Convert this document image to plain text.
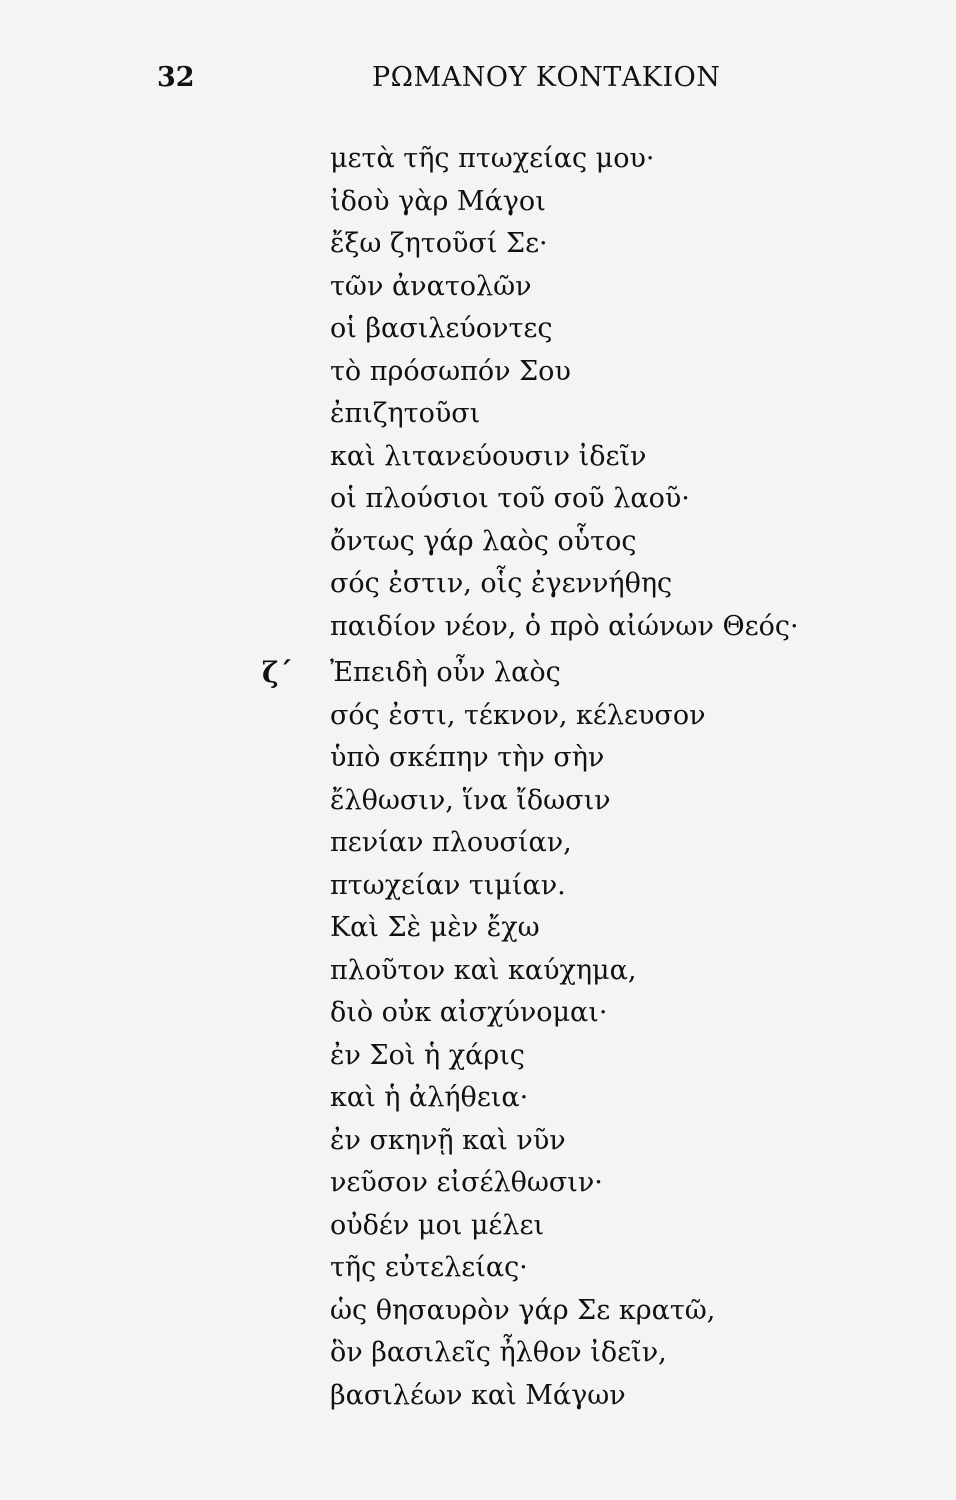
32	ΡΩΜΑΝΟΥ ΚΟΝΤΑΚΙΟΝ
μετὰ τῆς πτωχείας μου·
ἰδοὺ γὰρ Μάγοι
ἔξω ζητοῦσί Σε·
τῶν ἀνατολῶν
οἱ βασιλεύοντες
τὸ πρόσωπόν Σου
ἐπιζητοῦσι
καὶ λιτανεύουσιν ἰδεῖν
οἱ πλούσιοι τοῦ σοῦ λαοῦ·
ὄντως γάρ λαὸς οὗτος
σός ἐστιν, οἷς ἐγεννήθης
παιδίον νέον, ὁ πρὸ αἰώνων Θεός·
ζ΄ Ἐπειδὴ οὖν λαὸς
σός ἐστι, τέκνον, κέλευσον
ὑπὸ σκέπην τὴν σὴν
ἔλθωσιν, ἵνα ἴδωσιν
πενίαν πλουσίαν,
πτωχείαν τιμίαν.
Καὶ Σὲ μὲν ἔχω
πλοῦτον καὶ καύχημα,
διὸ οὐκ αἰσχύνομαι·
ἐν Σοὶ ἡ χάρις
καὶ ἡ ἀλήθεια·
ἐν σκηνῇ καὶ νῦν
νεῦσον εἰσέλθωσιν·
οὐδέν μοι μέλει
τῆς εὐτελείας·
ὡς θησαυρὸν γάρ Σε κρατῶ,
ὃν βασιλεῖς ἦλθον ἰδεῖν,
βασιλέων καὶ Μάγων
